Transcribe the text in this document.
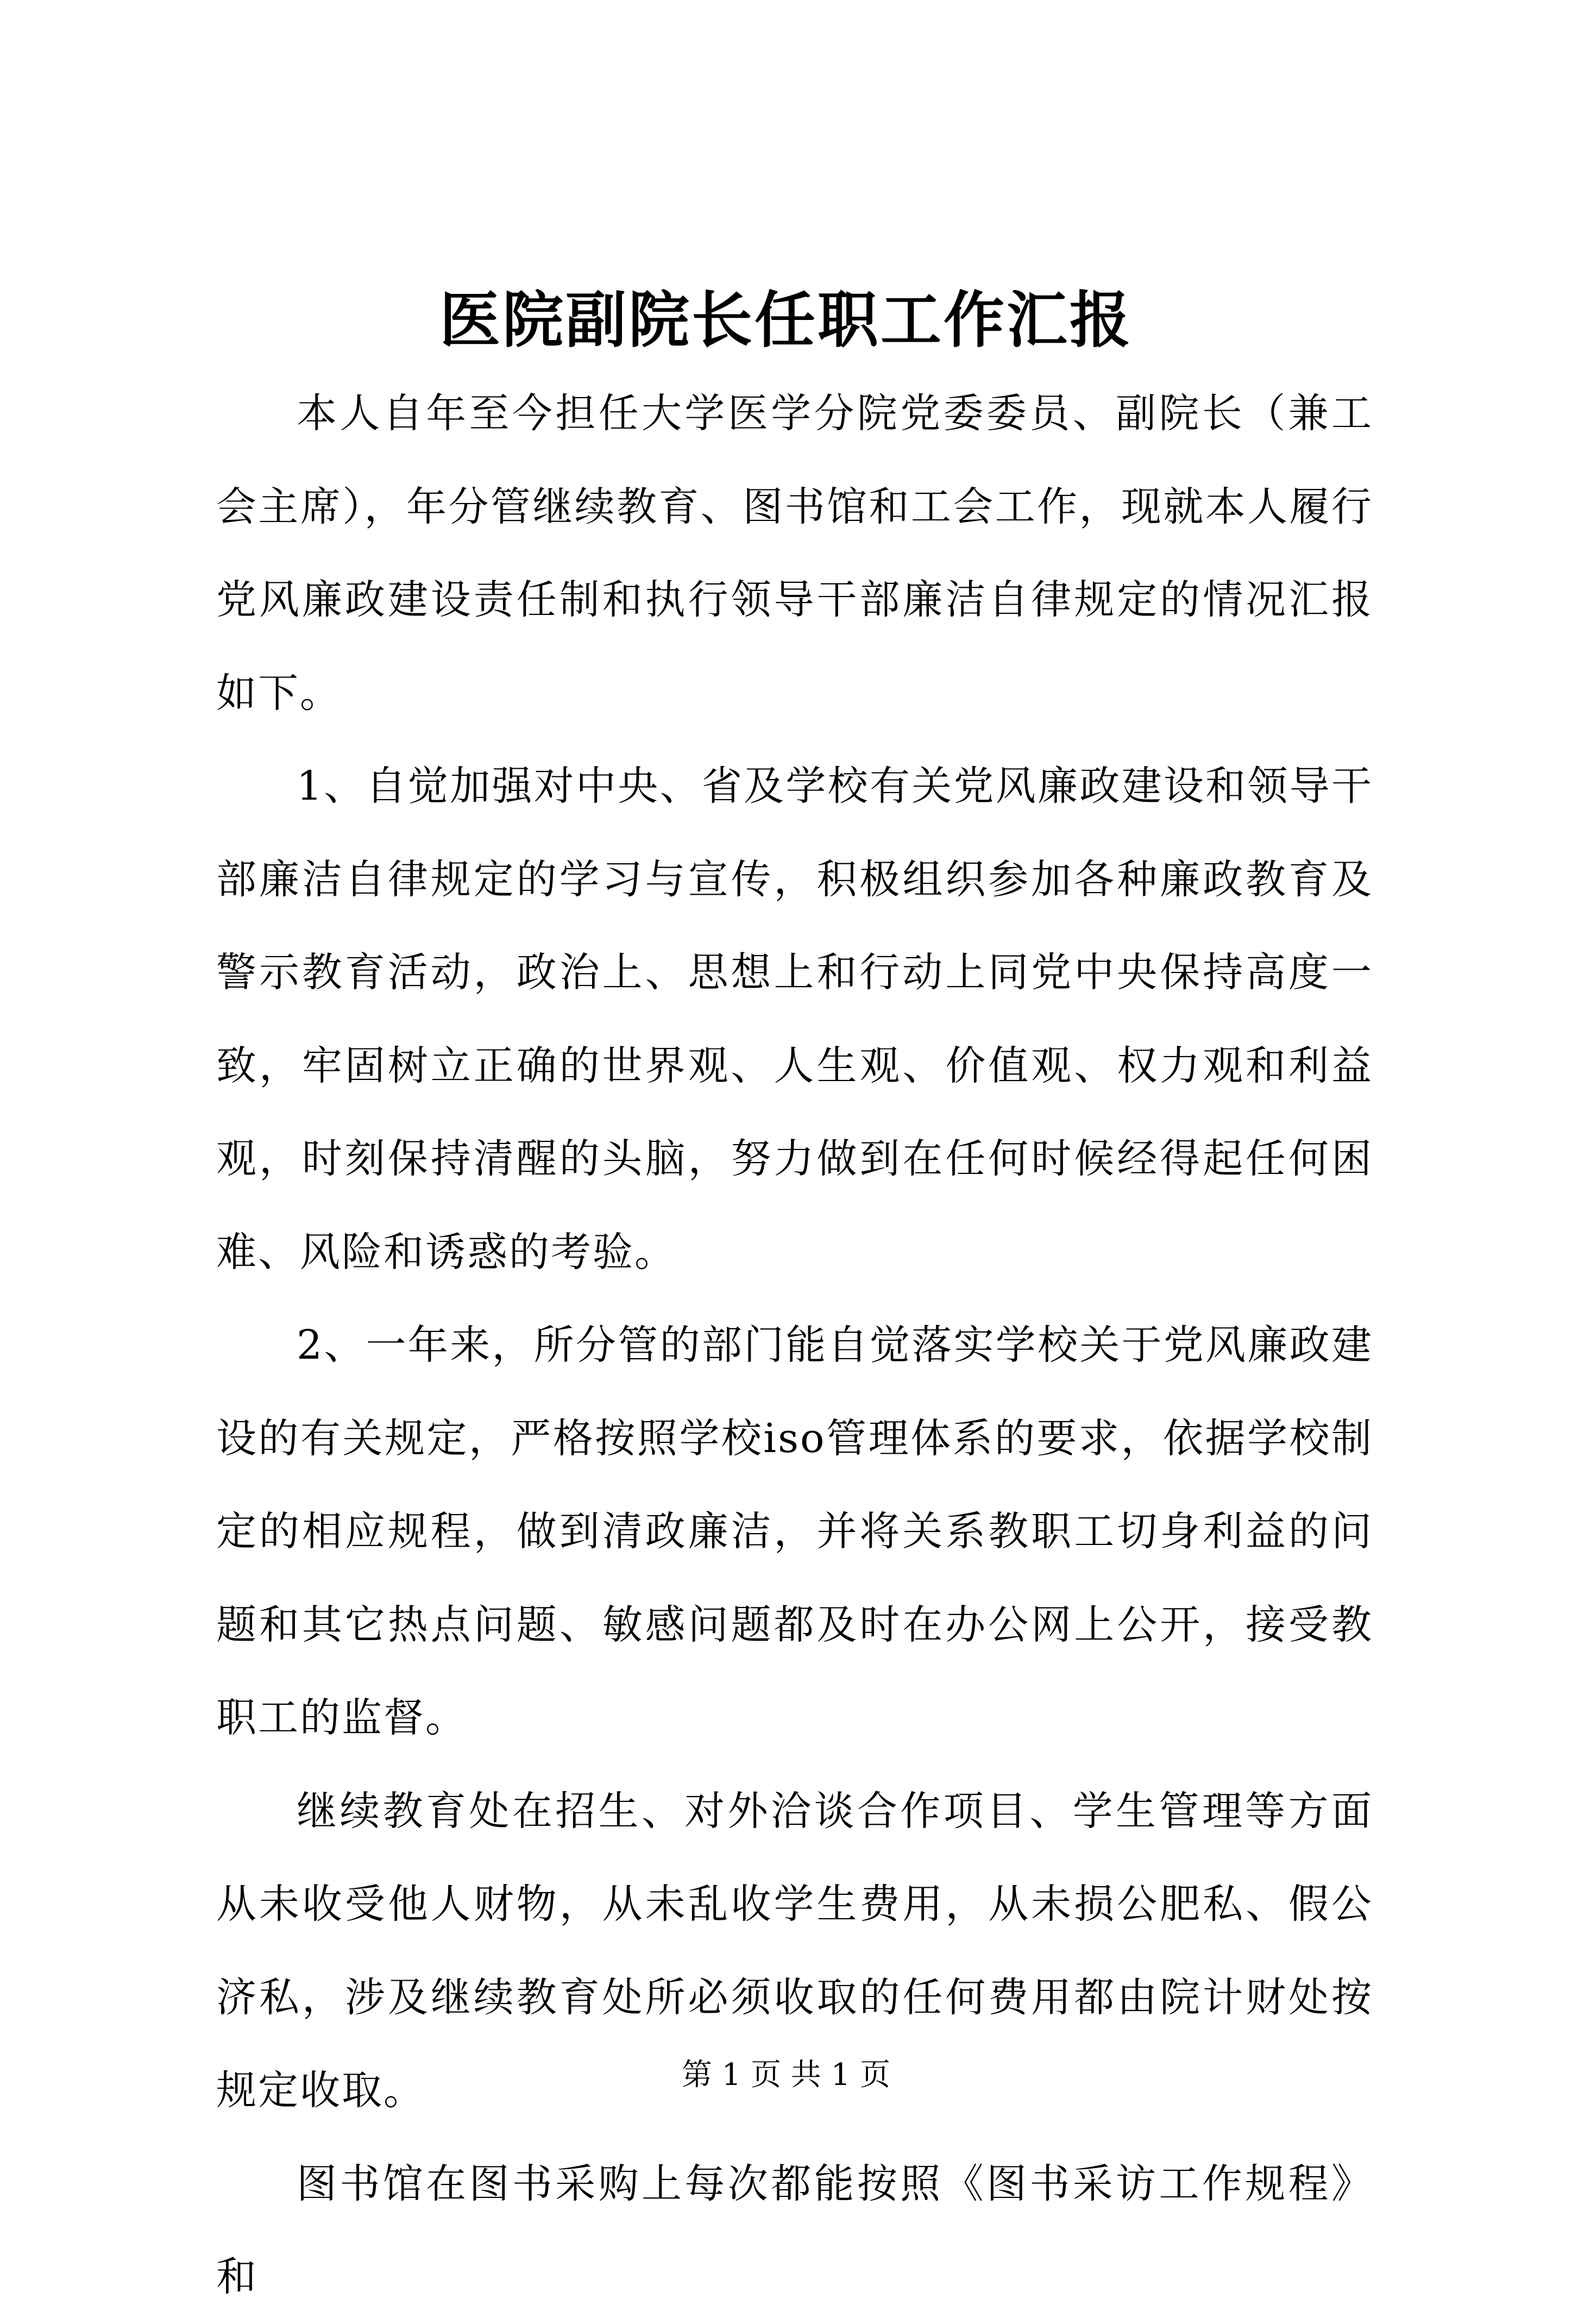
医院副院长任职工作汇报

本人自年至今担任大学医学分院党委委员、副院长（兼工会主席），年分管继续教育、图书馆和工会工作，现就本人履行党风廉政建设责任制和执行领导干部廉洁自律规定的情况汇报如下。

1、自觉加强对中央、省及学校有关党风廉政建设和领导干部廉洁自律规定的学习与宣传，积极组织参加各种廉政教育及警示教育活动，政治上、思想上和行动上同党中央保持高度一致，牢固树立正确的世界观、人生观、价值观、权力观和利益观，时刻保持清醒的头脑，努力做到在任何时候经得起任何困难、风险和诱惑的考验。

2、一年来，所分管的部门能自觉落实学校关于党风廉政建设的有关规定，严格按照学校iso管理体系的要求，依据学校制定的相应规程，做到清政廉洁，并将关系教职工切身利益的问题和其它热点问题、敏感问题都及时在办公网上公开，接受教职工的监督。

继续教育处在招生、对外洽谈合作项目、学生管理等方面从未收受他人财物，从未乱收学生费用，从未损公肥私、假公济私，涉及继续教育处所必须收取的任何费用都由院计财处按规定收取。

图书馆在图书采购上每次都能按照《图书采访工作规程》和

第 1 页 共 1 页
